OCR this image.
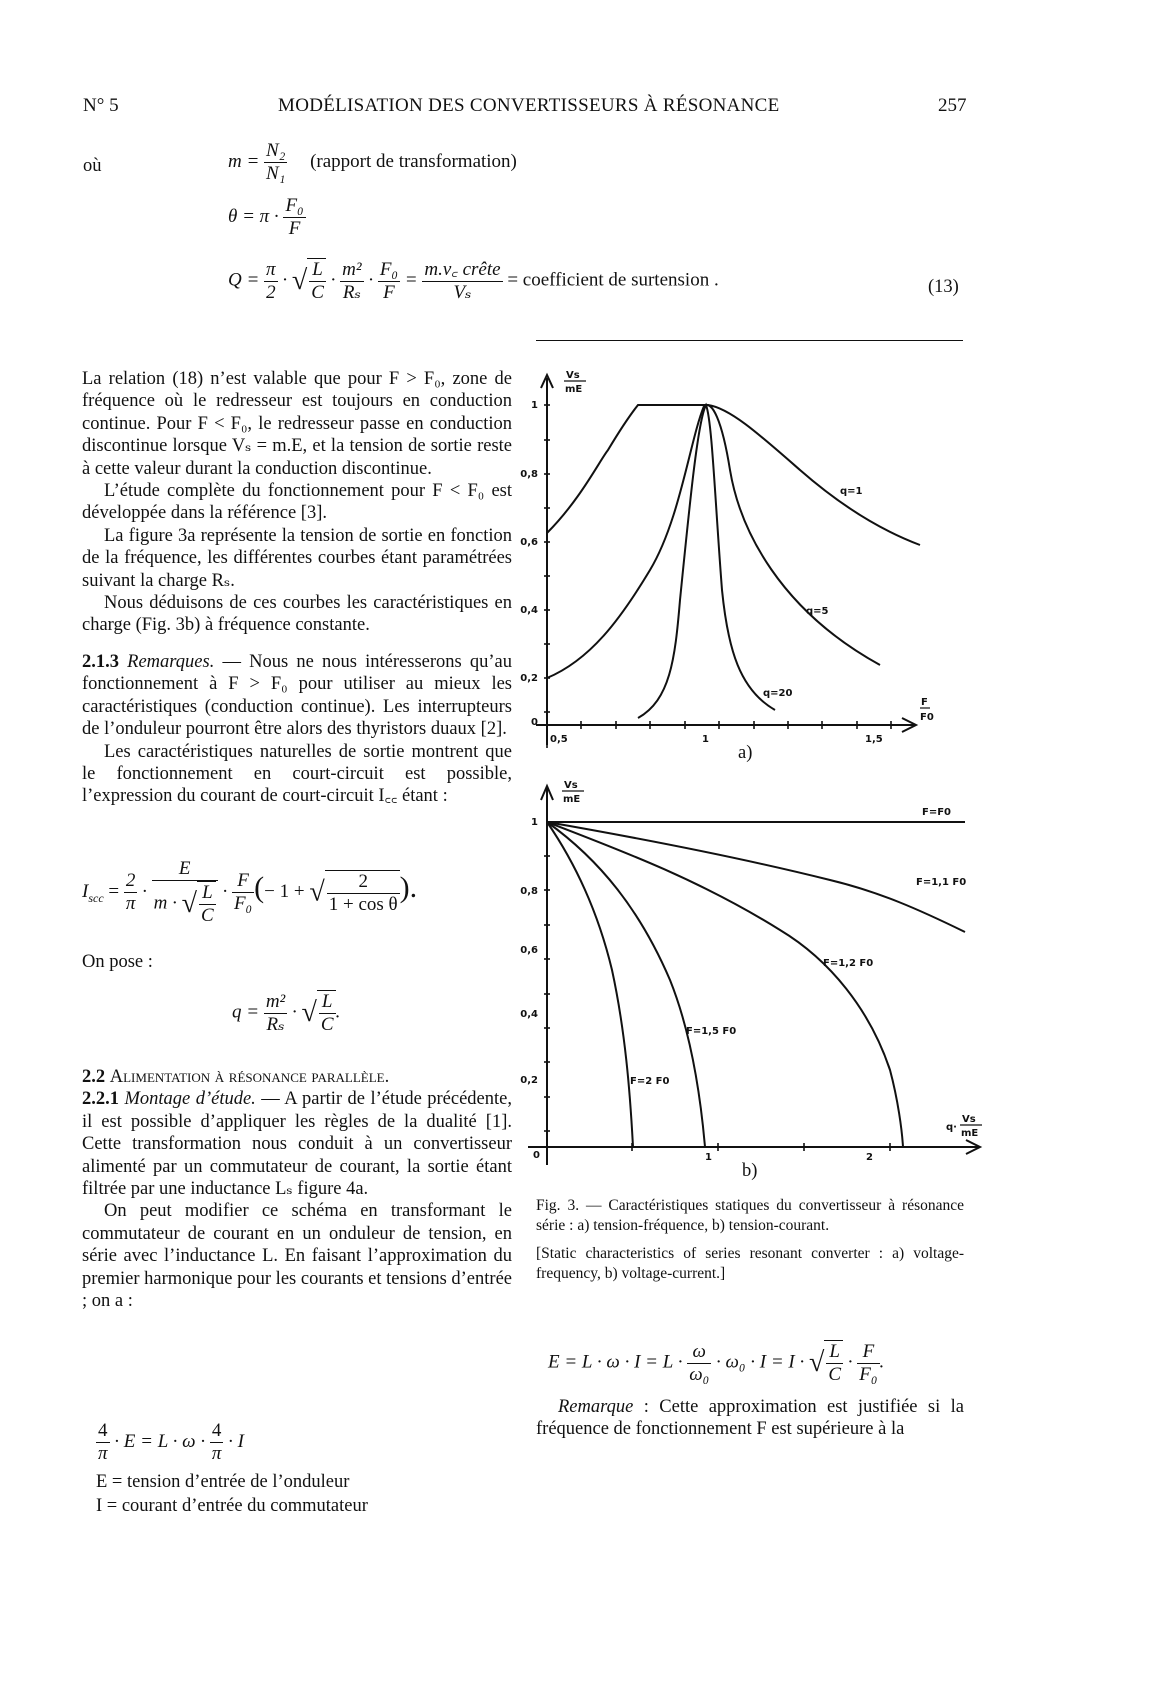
N° 5	MODÉLISATION DES CONVERTISSEURS À RÉSONANCE	257
où	$m = \frac{\text{N₂}}{\text{N₁}}$ (rapport de transformation)
$\theta = \pi \cdot \frac{\text{F₀}}{F}$
$Q = \frac{\pi}{2}$ · √ $\frac{L}{C} \cdot \frac{\text{m²}}{\text{Rₛ}} \cdot \frac{\text{F₀}}{F} = \frac{\text{m.v꜀ crête}}{\text{Vₛ}}$ = coefficient de surtension .	(13)
La relation (18) n’est valable que pour F > F₀, zone de fréquence où le redresseur est toujours en conduction continue. Pour F < F₀, le redresseur passe en conduction discontinue lorsque Vₛ = m.E, et la tension de sortie reste à cette valeur durant la conduction discontinue.
L’étude complète du fonctionnement pour F < F₀ est développée dans la référence [3].
La figure 3a représente la tension de sortie en fonction de la fréquence, les différentes courbes étant paramétrées suivant la charge Rₛ.
Nous déduisons de ces courbes les caractéristiques en charge (Fig. 3b) à fréquence constante.
2.1.3 Remarques. — Nous ne nous intéresserons qu’au fonctionnement à F > F₀ pour utiliser au mieux les caractéristiques (conduction continue). Les interrupteurs de l’onduleur pourront être alors des thyristors duaux [2].
Les caractéristiques naturelles de sortie montrent que le fonctionnement en court-circuit est possible, l’expression du courant de court-circuit I꜀꜀ étant :
$I_{scc} = \frac{2}{\pi} \cdot \frac{E}{m \cdot √ \frac{L}{C}} \cdot \frac{F}{\text{F₀}}$ (− 1 + √ $\frac{2}{\text{1 + cos θ}}$ ).
On pose :
$q = \frac{\text{m²}}{\text{Rₛ}}$ · √ $\frac{L}{C}$ .
2.2 Alimentation à résonance parallèle.
2.2.1 Montage d’étude. — A partir de l’étude précédente, il est possible d’appliquer les règles de la dualité [1]. Cette transformation nous conduit à un convertisseur alimenté par un commutateur de courant, la sortie étant filtrée par une inductance Lₛ figure 4a.
On peut modifier ce schéma en transformant le commutateur de courant en un onduleur de tension, en série avec l’inductance L. En faisant l’approximation du premier harmonique pour les courants et tensions d’entrée ; on a :
$\frac{4}{\pi} \cdot E = L \cdot \omega \cdot \frac{4}{\pi} \cdot I$
E = tension d’entrée de l’onduleur
I = courant d’entrée du commutateur
1
0,8
0,6
0,4
0,2
0
0,5	1	1,5
Vs
mE
F
F0
q=1
q=5
q=20
a)
1
0,8
0,6
0,4
0,2
0	1	2
Vs
mE
q·
Vs
mE
F=F0
F=1,1 F0
F=1,2 F0
F=1,5 F0
F=2 F0
b)
Fig. 3. — Caractéristiques statiques du convertisseur à résonance série : a) tension-fréquence, b) tension-courant.
[Static characteristics of series resonant converter : a) voltage-frequency, b) voltage-current.]
$E = L \cdot \omega \cdot I = L \cdot \frac{\omega}{\text{ω₀}} \cdot \omega_0 \cdot I = I$ · √ $\frac{L}{C} \cdot \frac{F}{\text{F₀}}$ .
Remarque : Cette approximation est justifiée si la fréquence de fonctionnement F est supérieure à la
